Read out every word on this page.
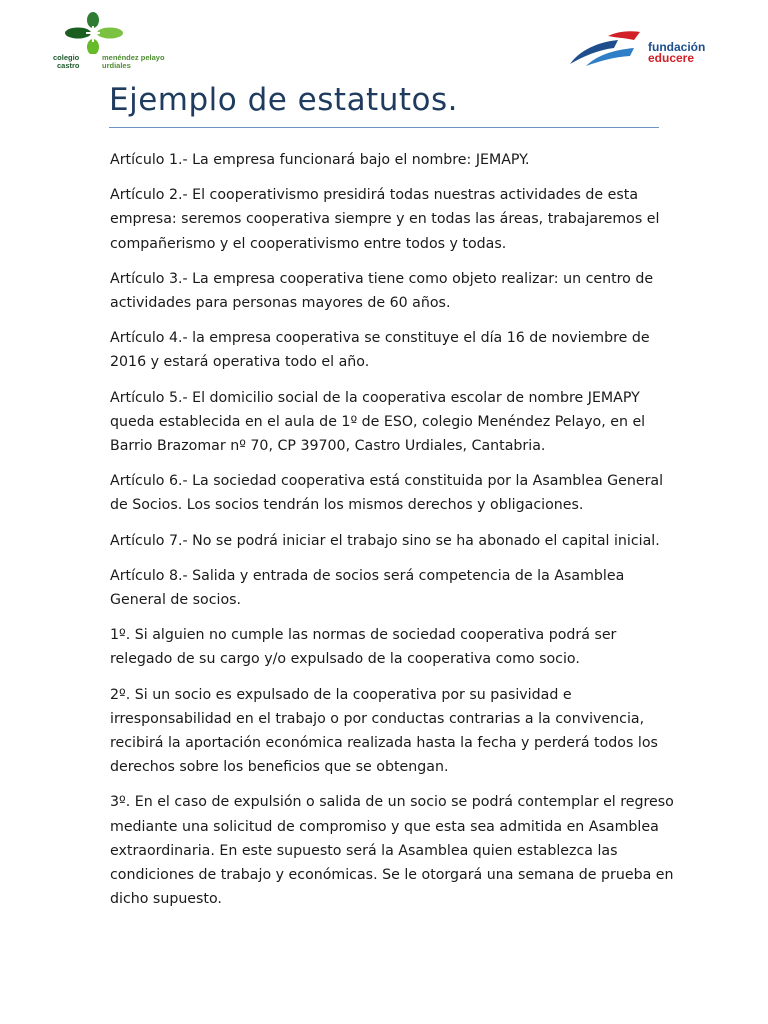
colegio
castro
menéndez pelayo
urdiales
fundación
educere
Ejemplo de estatutos.

Artículo 1.- La empresa funcionará bajo el nombre: JEMAPY.

Artículo 2.- El cooperativismo presidirá todas nuestras actividades de esta
empresa: seremos cooperativa siempre y en todas las áreas, trabajaremos el
compañerismo y el cooperativismo entre todos y todas.

Artículo 3.- La empresa cooperativa tiene como objeto realizar: un centro de
actividades para personas mayores de 60 años.

Artículo 4.- la empresa cooperativa se constituye el día 16 de noviembre de
2016 y estará operativa todo el año.

Artículo 5.- El domicilio social de la cooperativa escolar de nombre JEMAPY
queda establecida en el aula de 1º de ESO, colegio Menéndez Pelayo, en el
Barrio Brazomar nº 70, CP 39700, Castro Urdiales, Cantabria.

Artículo 6.- La sociedad cooperativa está constituida por la Asamblea General
de Socios. Los socios tendrán los mismos derechos y obligaciones.

Artículo 7.- No se podrá iniciar el trabajo sino se ha abonado el capital inicial.

Artículo 8.- Salida y entrada de socios será competencia de la Asamblea
General de socios.

1º. Si alguien no cumple las normas de sociedad cooperativa podrá ser
relegado de su cargo y/o expulsado de la cooperativa como socio.

2º. Si un socio es expulsado de la cooperativa por su pasividad e
irresponsabilidad en el trabajo o por conductas contrarias a la convivencia,
recibirá la aportación económica realizada hasta la fecha y perderá todos los
derechos sobre los beneficios que se obtengan.

3º. En el caso de expulsión o salida de un socio se podrá contemplar el regreso
mediante una solicitud de compromiso y que esta sea admitida en Asamblea
extraordinaria. En este supuesto será la Asamblea quien establezca las
condiciones de trabajo y económicas. Se le otorgará una semana de prueba en
dicho supuesto.
